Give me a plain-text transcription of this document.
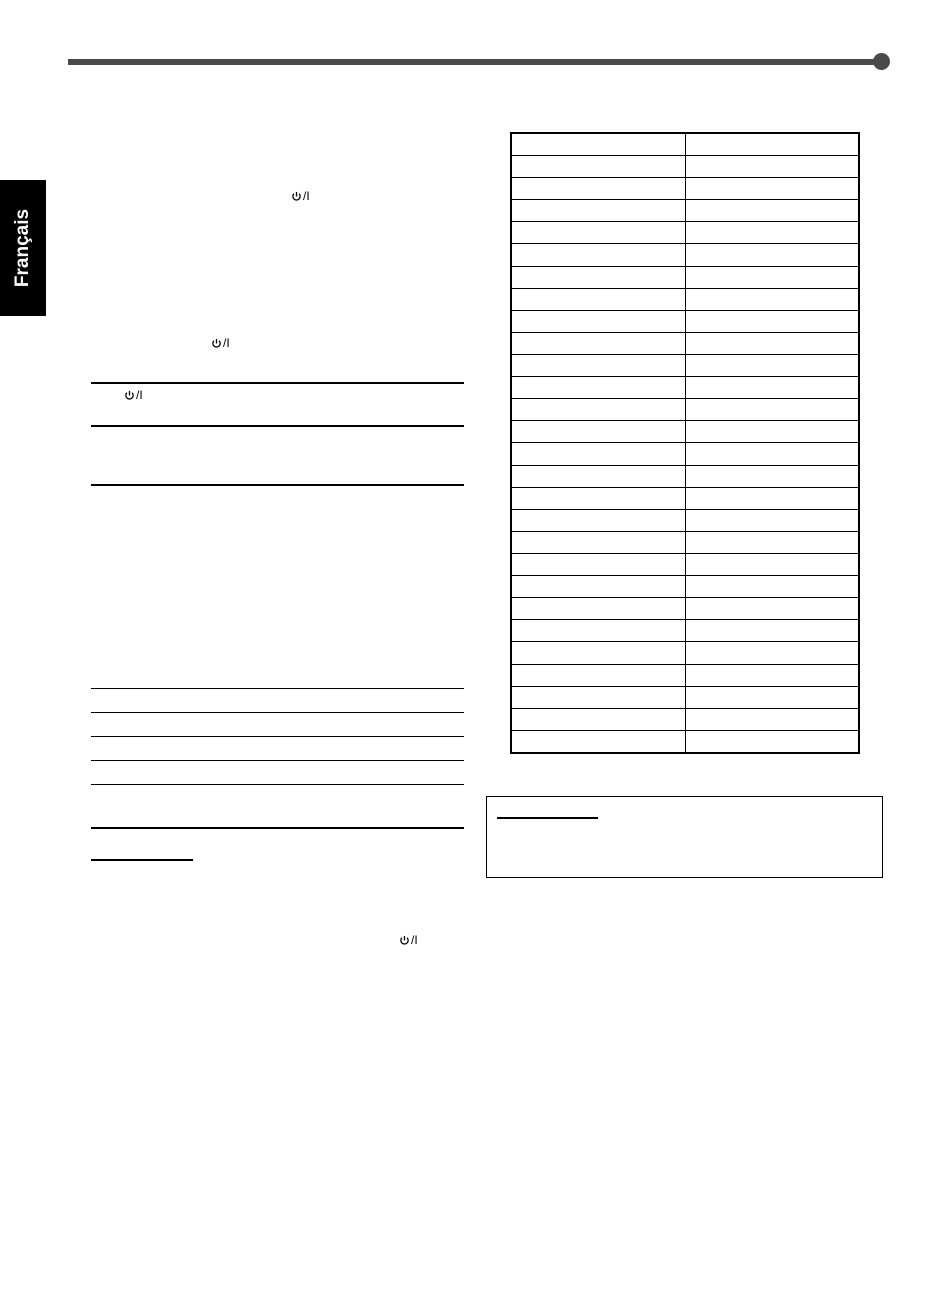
Français
/I
/I
/I
/I
